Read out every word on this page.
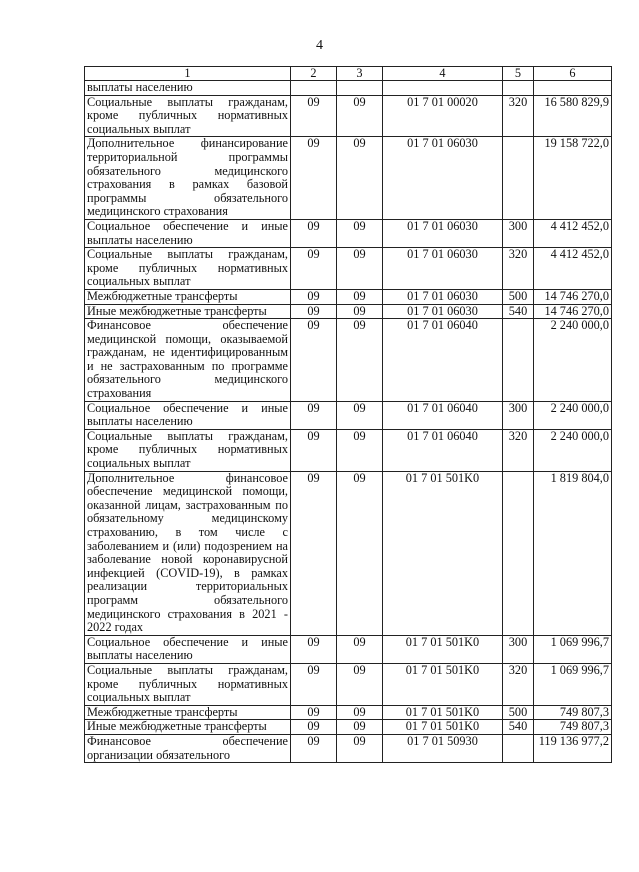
4
1	2	3	4	5	6
выплаты населению					
Социальные выплаты гражданам, кроме публичных нормативных социальных выплат	09	09	01 7 01 00020	320	16 580 829,9
Дополнительное финансирование территориальной программы обязательного медицинского страхования в рамках базовой программы обязательного медицинского страхования	09	09	01 7 01 06030		19 158 722,0
Социальное обеспечение и иные выплаты населению	09	09	01 7 01 06030	300	4 412 452,0
Социальные выплаты гражданам, кроме публичных нормативных социальных выплат	09	09	01 7 01 06030	320	4 412 452,0
Межбюджетные трансферты	09	09	01 7 01 06030	500	14 746 270,0
Иные межбюджетные трансферты	09	09	01 7 01 06030	540	14 746 270,0
Финансовое обеспечение медицинской помощи, оказываемой гражданам, не идентифицированным и не застрахованным по программе обязательного медицинского страхования	09	09	01 7 01 06040		2 240 000,0
Социальное обеспечение и иные выплаты населению	09	09	01 7 01 06040	300	2 240 000,0
Социальные выплаты гражданам, кроме публичных нормативных социальных выплат	09	09	01 7 01 06040	320	2 240 000,0
Дополнительное финансовое обеспечение медицинской помощи, оказанной лицам, застрахованным по обязательному медицинскому страхованию, в том числе с заболеванием и (или) подозрением на заболевание новой коронавирусной инфекцией (COVID-19), в рамках реализации территориальных программ обязательного медицинского страхования в 2021 - 2022 годах	09	09	01 7 01 501K0		1 819 804,0
Социальное обеспечение и иные выплаты населению	09	09	01 7 01 501K0	300	1 069 996,7
Социальные выплаты гражданам, кроме публичных нормативных социальных выплат	09	09	01 7 01 501K0	320	1 069 996,7
Межбюджетные трансферты	09	09	01 7 01 501K0	500	749 807,3
Иные межбюджетные трансферты	09	09	01 7 01 501K0	540	749 807,3
Финансовое обеспечение организации обязательного	09	09	01 7 01 50930		119 136 977,2
